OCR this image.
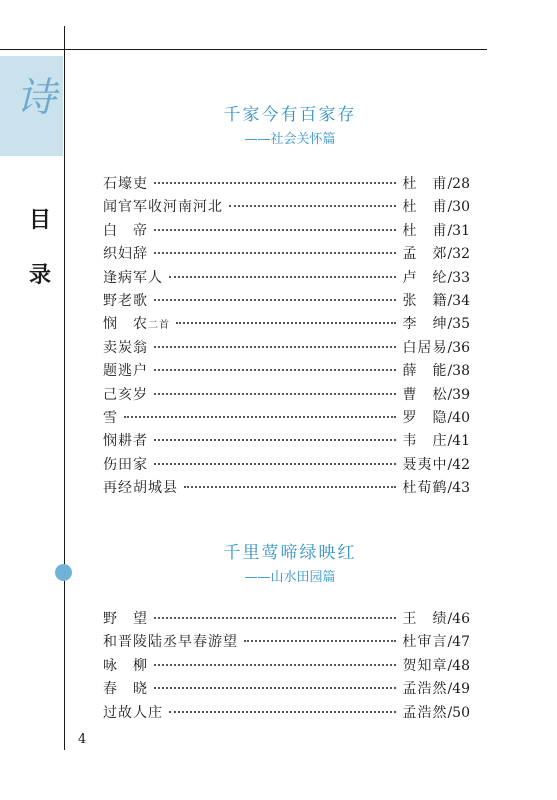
诗
目
录
4
千家今有百家存
——社会关怀篇
石壕吏	杜　甫 /28
闻官军收河南河北	杜　甫 /30
白　帝	杜　甫 /31
织妇辞	孟　郊 /32
逢病军人	卢　纶 /33
野老歌	张　籍 /34
悯　农二首	李　绅 /35
卖炭翁	白居易 /36
题逃户	薛　能 /38
己亥岁	曹　松 /39
雪	罗　隐 /40
悯耕者	韦　庄 /41
伤田家	聂夷中 /42
再经胡城县	杜荀鹤 /43
千里莺啼绿映红
——山水田园篇
野　望	王　绩 /46
和晋陵陆丞早春游望	杜审言 /47
咏　柳	贺知章 /48
春　晓	孟浩然 /49
过故人庄	孟浩然 /50
